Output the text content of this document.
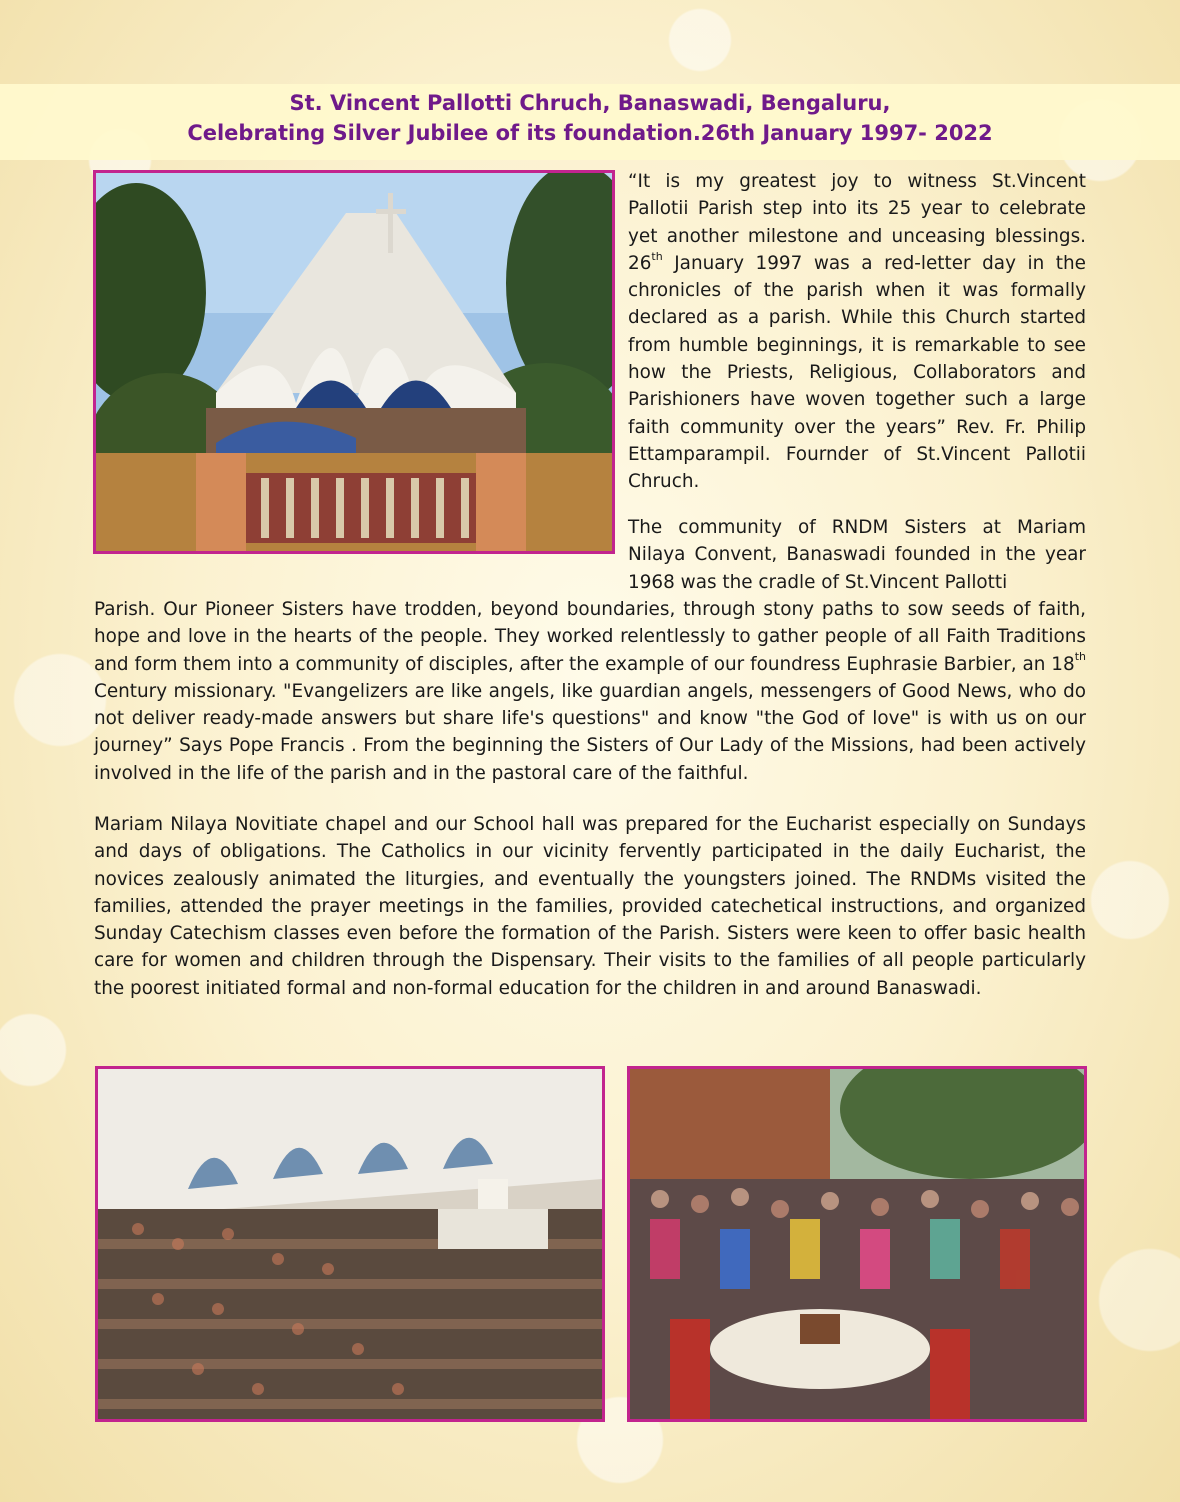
St. Vincent Pallotti Chruch, Banaswadi, Bengaluru,
Celebrating Silver Jubilee of its foundation.26th January 1997- 2022

“It is my greatest joy to witness St.Vincent Pallotii Parish step into its 25 year to celebrate yet another milestone and unceasing blessings. 26th January 1997 was a red-letter day in the chronicles of the parish when it was formally declared as a parish. While this Church started from humble beginnings, it is remarkable to see how the Priests, Religious, Collaborators and Parishioners have woven together such a large faith community over the years” Rev. Fr. Philip Ettamparampil. Fournder of St.Vincent Pallotii Chruch.

The community of RNDM Sisters at Mariam Nilaya Convent, Banaswadi founded in the year 1968 was the cradle of St.Vincent Pallotti

Parish. Our Pioneer Sisters have trodden, beyond boundaries, through stony paths to sow seeds of faith, hope and love in the hearts of the people. They worked relentlessly to gather people of all Faith Traditions and form them into a community of disciples, after the example of our foundress Euphrasie Barbier, an 18th Century missionary. "Evangelizers are like angels, like guardian angels, messengers of Good News, who do not deliver ready-made answers but share life's questions" and know "the God of love" is with us on our journey” Says Pope Francis . From the beginning the Sisters of Our Lady of the Missions, had been actively involved in the life of the parish and in the pastoral care of the faithful.

Mariam Nilaya Novitiate chapel and our School hall was prepared for the Eucharist especially on Sundays and days of obligations. The Catholics in our vicinity fervently participated in the daily Eucharist, the novices zealously animated the liturgies, and eventually the youngsters joined. The RNDMs visited the families, attended the prayer meetings in the families, provided catechetical instructions, and organized Sunday Catechism classes even before the formation of the Parish. Sisters were keen to offer basic health care for women and children through the Dispensary. Their visits to the families of all people particularly the poorest initiated formal and non-formal education for the children in and around Banaswadi.
